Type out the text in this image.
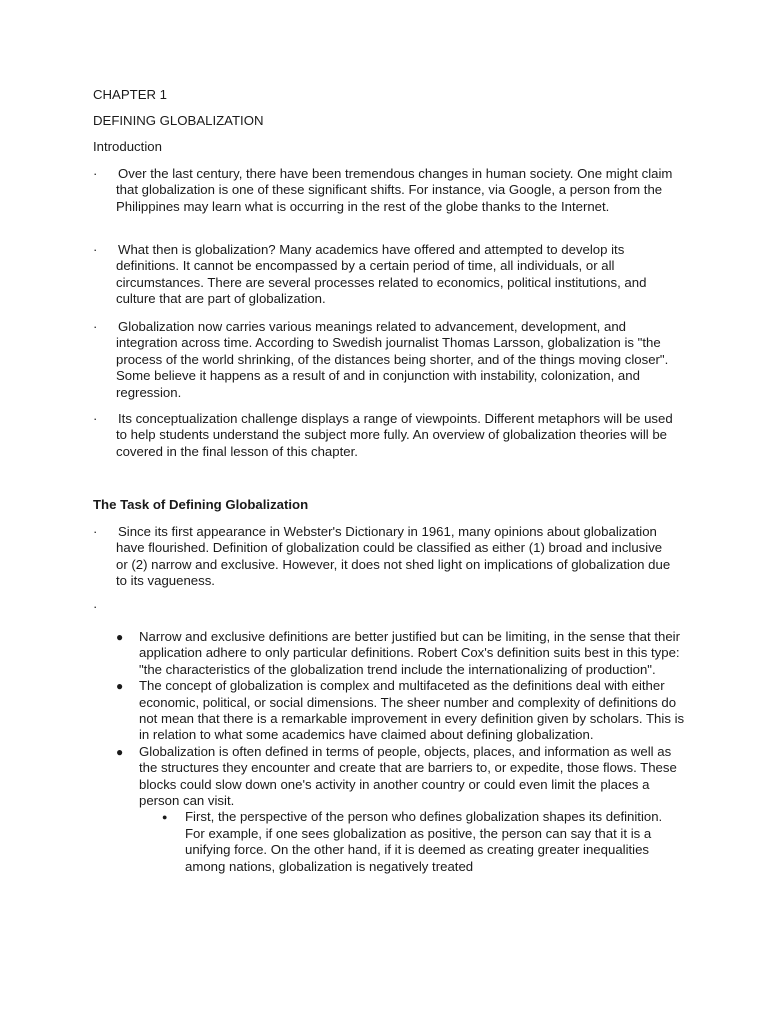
CHAPTER 1
DEFINING GLOBALIZATION
Introduction
·	Over the last century, there have been tremendous changes in human society. One might claim that globalization is one of these significant shifts. For instance, via Google, a person from the Philippines may learn what is occurring in the rest of the globe thanks to the Internet.
·	What then is globalization? Many academics have offered and attempted to develop its definitions. It cannot be encompassed by a certain period of time, all individuals, or all circumstances. There are several processes related to economics, political institutions, and culture that are part of globalization.
·	Globalization now carries various meanings related to advancement, development, and integration across time. According to Swedish journalist Thomas Larsson, globalization is "the process of the world shrinking, of the distances being shorter, and of the things moving closer". Some believe it happens as a result of and in conjunction with instability, colonization, and regression.
·	Its conceptualization challenge displays a range of viewpoints. Different metaphors will be used to help students understand the subject more fully. An overview of globalization theories will be covered in the final lesson of this chapter.
The Task of Defining Globalization
·	Since its first appearance in Webster's Dictionary in 1961, many opinions about globalization have flourished. Definition of globalization could be classified as either (1) broad and inclusive or (2) narrow and exclusive. However, it does not shed light on implications of globalization due to its vagueness.
·
● Narrow and exclusive definitions are better justified but can be limiting, in the sense that their application adhere to only particular definitions. Robert Cox's definition suits best in this type: "the characteristics of the globalization trend include the internationalizing of production".
● The concept of globalization is complex and multifaceted as the definitions deal with either economic, political, or social dimensions. The sheer number and complexity of definitions do not mean that there is a remarkable improvement in every definition given by scholars. This is in relation to what some academics have claimed about defining globalization.
● Globalization is often defined in terms of people, objects, places, and information as well as the structures they encounter and create that are barriers to, or expedite, those flows. These blocks could slow down one's activity in another country or could even limit the places a person can visit.
● First, the perspective of the person who defines globalization shapes its definition. For example, if one sees globalization as positive, the person can say that it is a unifying force. On the other hand, if it is deemed as creating greater inequalities among nations, globalization is negatively treated
